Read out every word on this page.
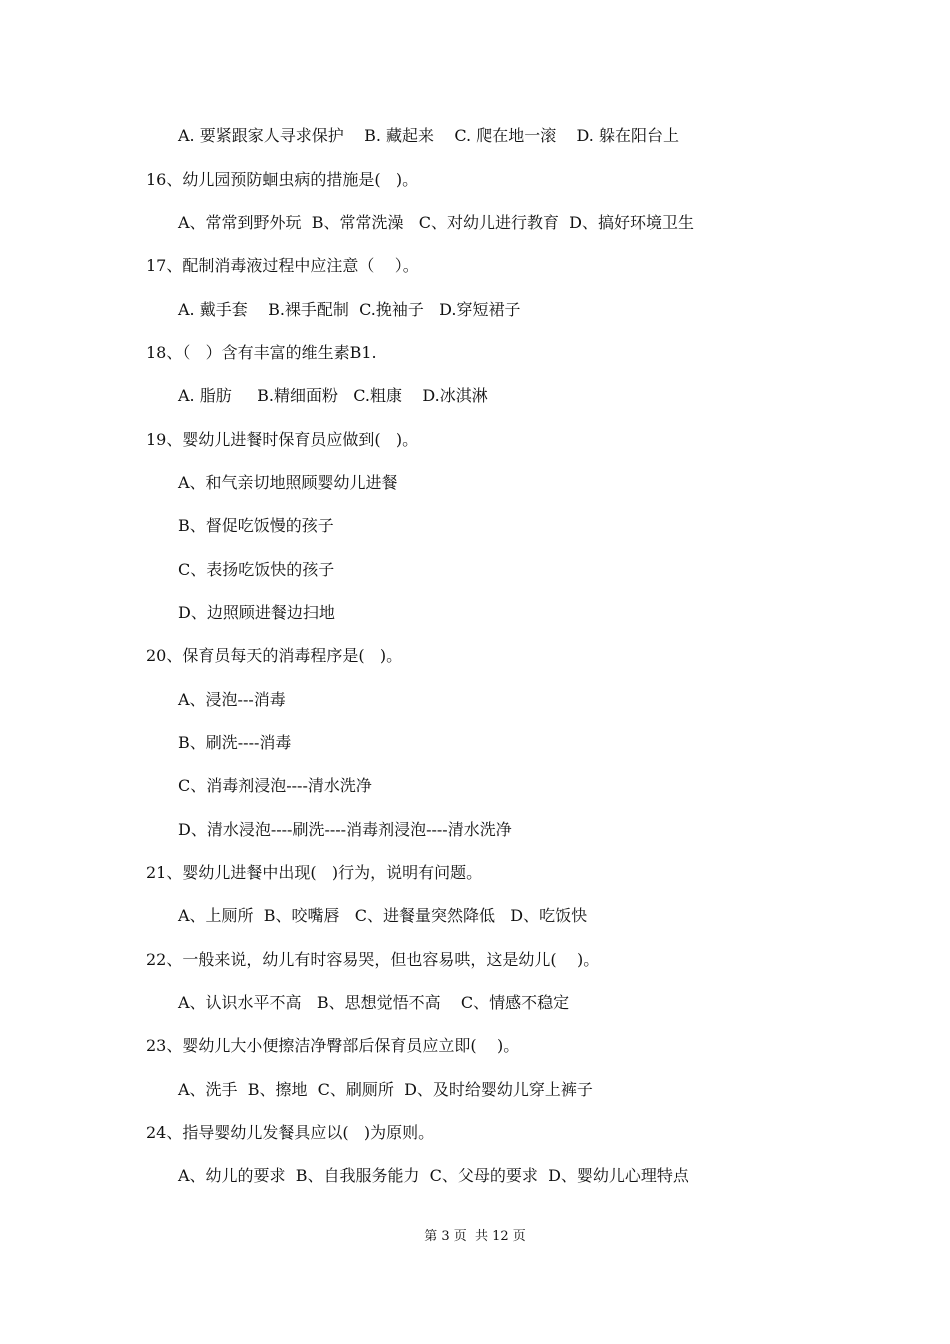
A. 要紧跟家人寻求保护    B. 藏起来    C. 爬在地一滚    D. 躲在阳台上
16、幼儿园预防蛔虫病的措施是(   )。
A、常常到野外玩  B、常常洗澡   C、对幼儿进行教育  D、搞好环境卫生
17、配制消毒液过程中应注意（    ）。
A. 戴手套    B.裸手配制  C.挽袖子   D.穿短裙子
18、（   ）含有丰富的维生素B1.
A. 脂肪     B.精细面粉   C.粗康    D.冰淇淋
19、婴幼儿进餐时保育员应做到(   )。
A、和气亲切地照顾婴幼儿进餐
B、督促吃饭慢的孩子
C、表扬吃饭快的孩子
D、边照顾进餐边扫地
20、保育员每天的消毒程序是(   )。
A、浸泡---消毒
B、刷洗----消毒
C、消毒剂浸泡----清水洗净
D、清水浸泡----刷洗----消毒剂浸泡----清水洗净
21、婴幼儿进餐中出现(   )行为，说明有问题。
A、上厕所  B、咬嘴唇   C、进餐量突然降低   D、吃饭快
22、一般来说，幼儿有时容易哭，但也容易哄，这是幼儿(    )。
A、认识水平不高   B、思想觉悟不高    C、情感不稳定
23、婴幼儿大小便擦洁净臀部后保育员应立即(    )。
A、洗手  B、擦地  C、刷厕所  D、及时给婴幼儿穿上裤子
24、指导婴幼儿发餐具应以(   )为原则。
A、幼儿的要求  B、自我服务能力  C、父母的要求  D、婴幼儿心理特点
第 3 页  共 12 页
